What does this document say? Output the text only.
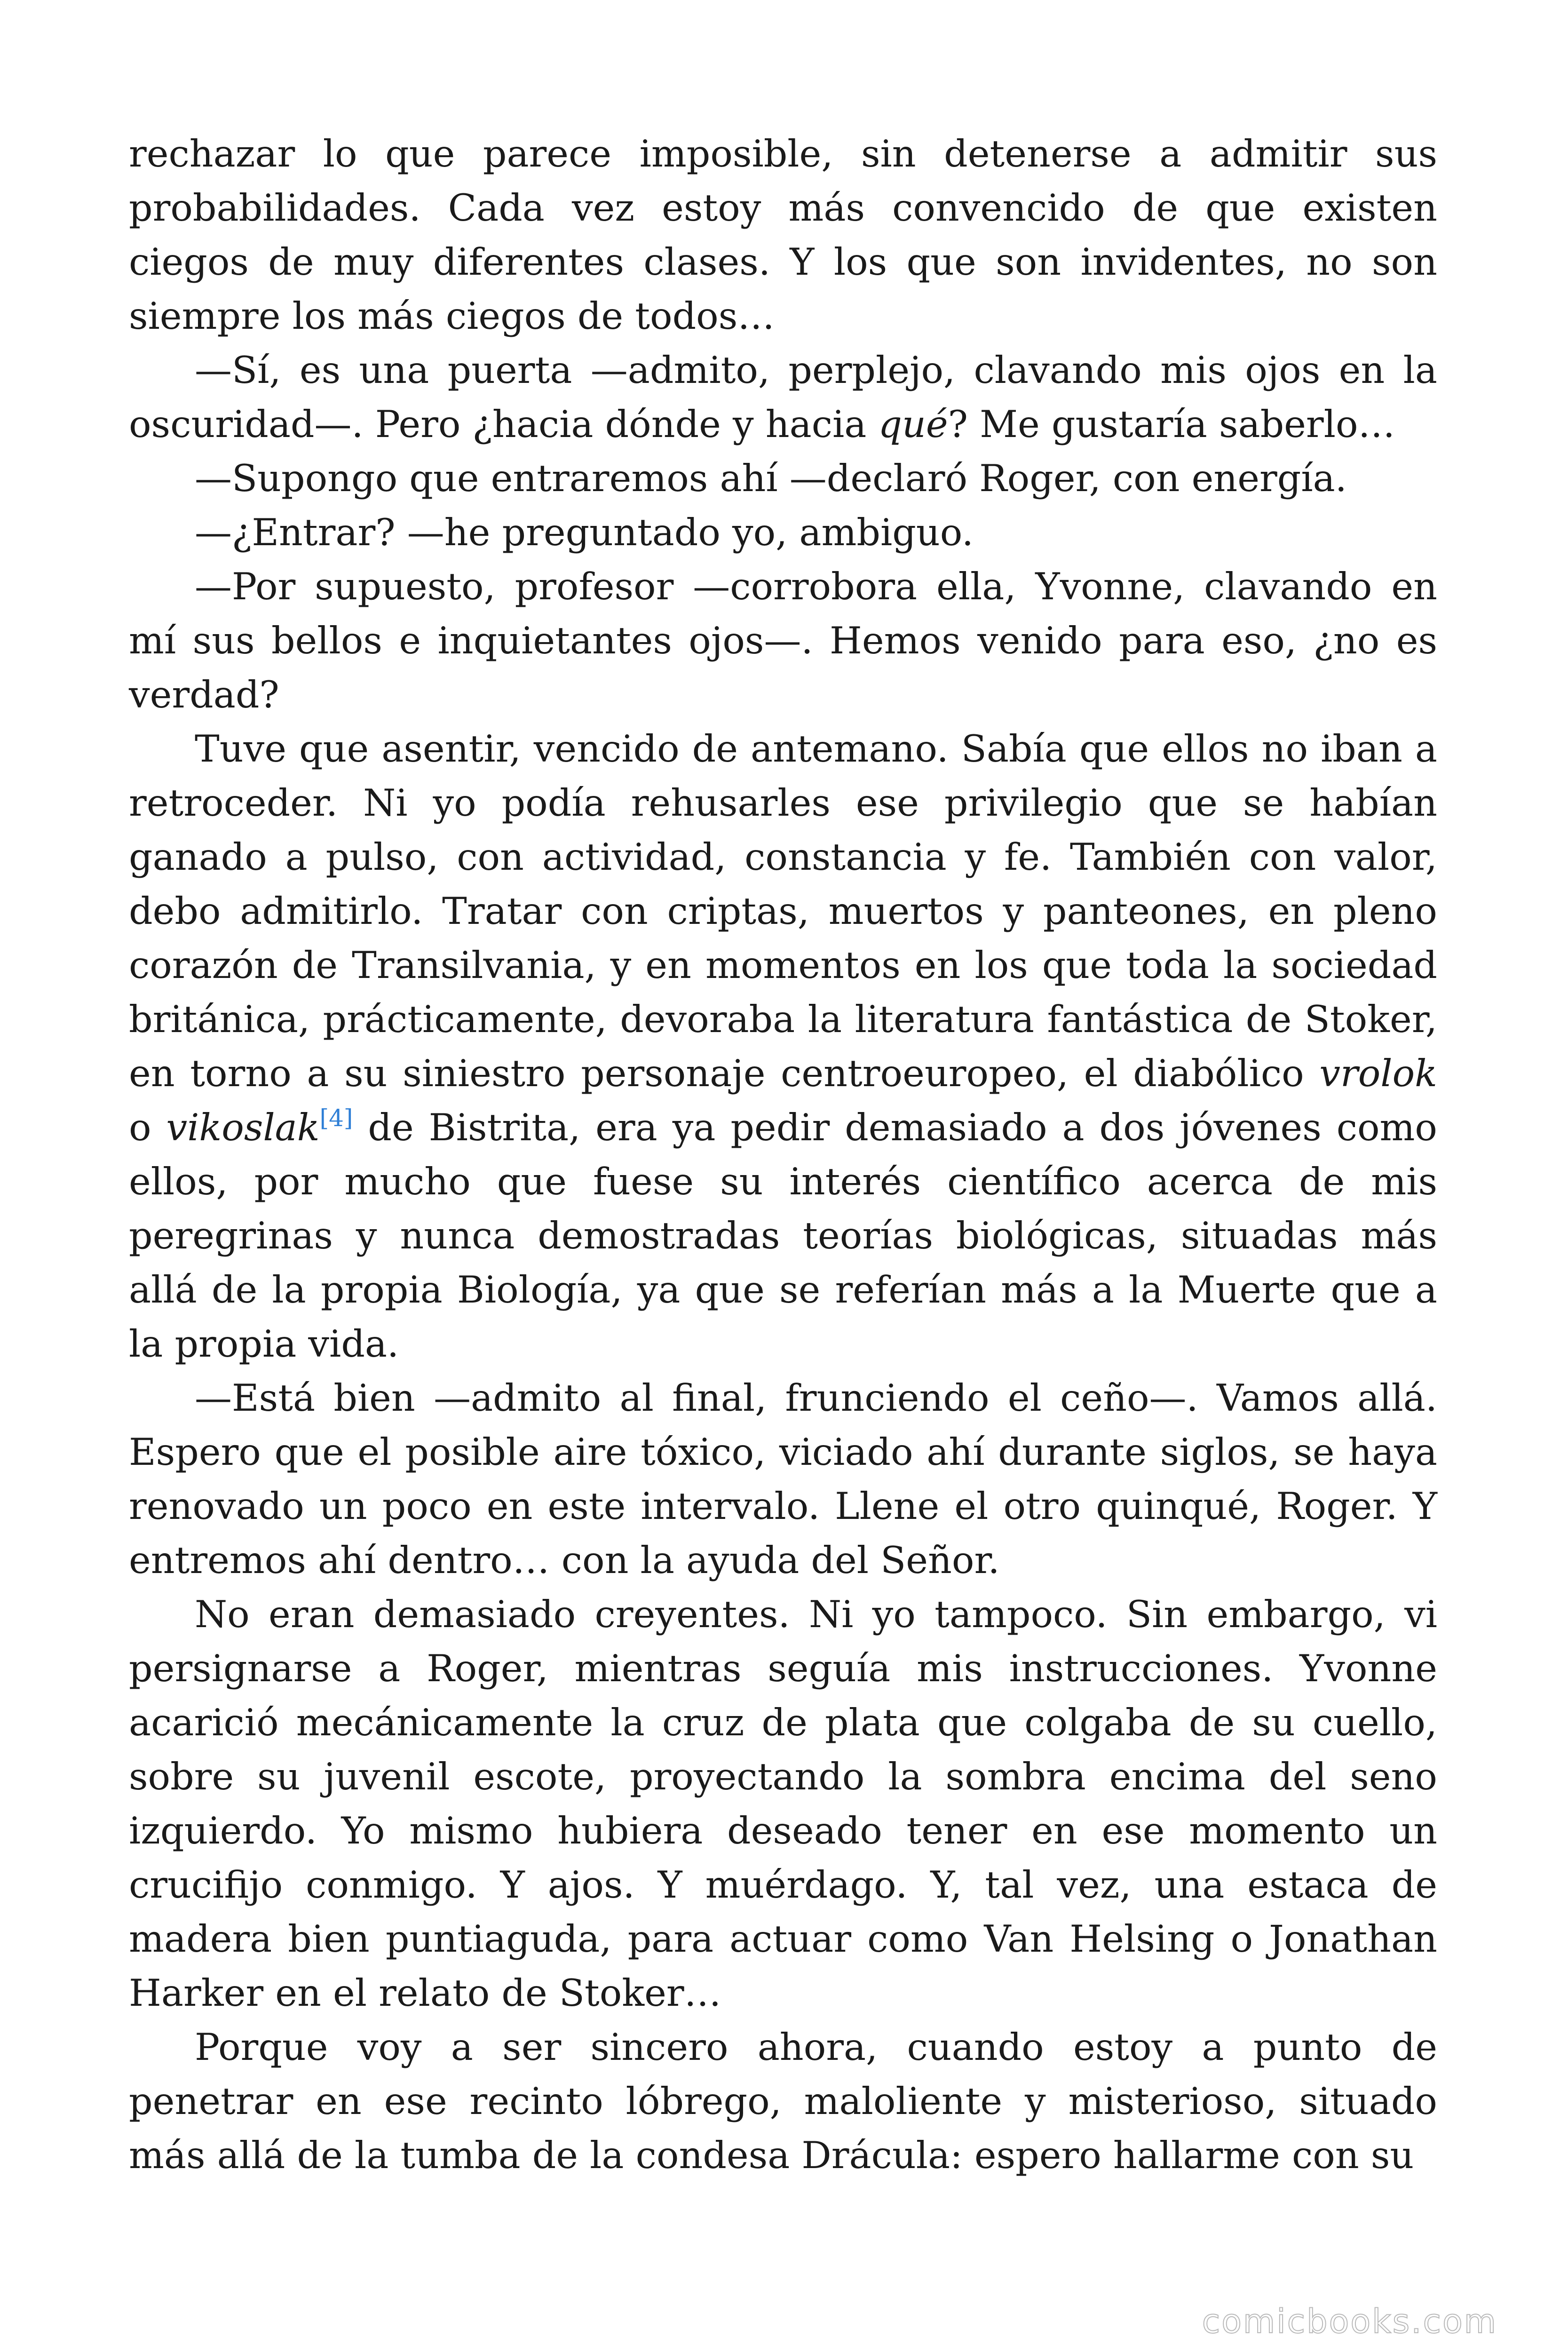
rechazar lo que parece imposible, sin detenerse a admitir sus probabilidades. Cada vez estoy más convencido de que existen ciegos de muy diferentes clases. Y los que son invidentes, no son siempre los más ciegos de todos…

—Sí, es una puerta —admito, perplejo, clavando mis ojos en la oscuridad—. Pero ¿hacia dónde y hacia qué? Me gustaría saberlo…

—Supongo que entraremos ahí —declaró Roger, con energía.

—¿Entrar? —he preguntado yo, ambiguo.

—Por supuesto, profesor —corrobora ella, Yvonne, clavando en mí sus bellos e inquietantes ojos—. Hemos venido para eso, ¿no es verdad?

Tuve que asentir, vencido de antemano. Sabía que ellos no iban a retroceder. Ni yo podía rehusarles ese privilegio que se habían ganado a pulso, con actividad, constancia y fe. También con valor, debo admitirlo. Tratar con criptas, muertos y panteones, en pleno corazón de Transilvania, y en momentos en los que toda la sociedad británica, prácticamente, devoraba la literatura fantástica de Stoker, en torno a su siniestro personaje centroeuropeo, el diabólico vrolok o vikoslak[4] de Bistrita, era ya pedir demasiado a dos jóvenes como ellos, por mucho que fuese su interés científico acerca de mis peregrinas y nunca demostradas teorías biológicas, situadas más allá de la propia Biología, ya que se referían más a la Muerte que a la propia vida.

—Está bien —admito al final, frunciendo el ceño—. Vamos allá. Espero que el posible aire tóxico, viciado ahí durante siglos, se haya renovado un poco en este intervalo. Llene el otro quinqué, Roger. Y entremos ahí dentro… con la ayuda del Señor.

No eran demasiado creyentes. Ni yo tampoco. Sin embargo, vi persignarse a Roger, mientras seguía mis instrucciones. Yvonne acarició mecánicamente la cruz de plata que colgaba de su cuello, sobre su juvenil escote, proyectando la sombra encima del seno izquierdo. Yo mismo hubiera deseado tener en ese momento un crucifijo conmigo. Y ajos. Y muérdago. Y, tal vez, una estaca de madera bien puntiaguda, para actuar como Van Helsing o Jonathan Harker en el relato de Stoker…

Porque voy a ser sincero ahora, cuando estoy a punto de penetrar en ese recinto lóbrego, maloliente y misterioso, situado más allá de la tumba de la condesa Drácula: espero hallarme con su

comicbooks.com
